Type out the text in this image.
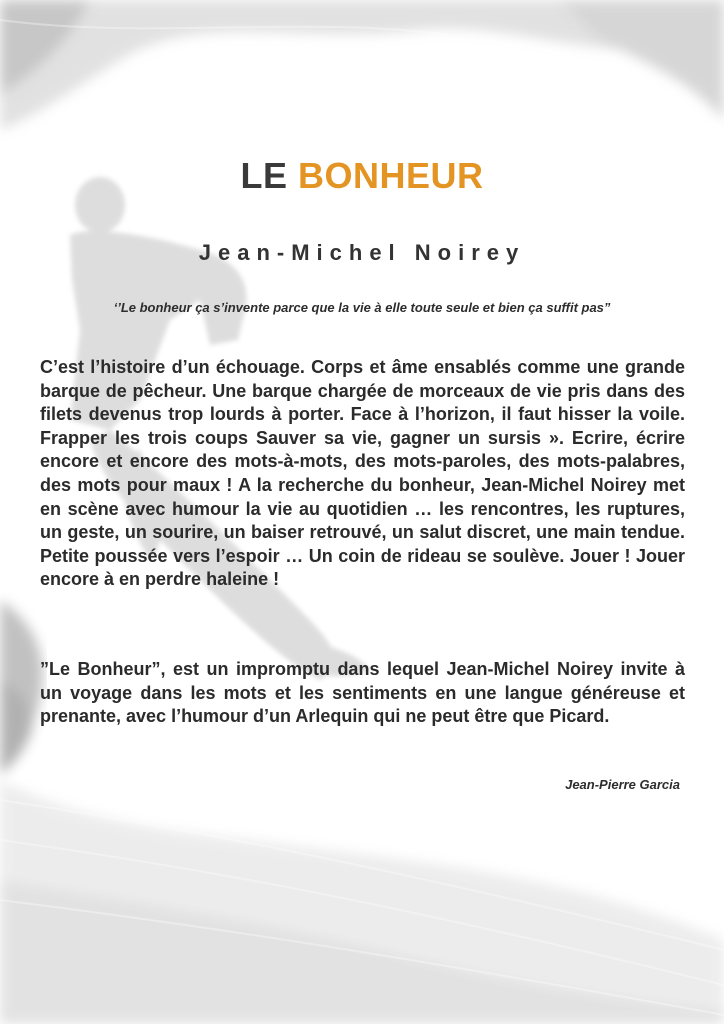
LE BONHEUR
Jean-Michel Noirey
‘’Le bonheur ça s’invente parce que la vie à elle toute seule et bien ça suffit pas”
C’est l’histoire d’un échouage. Corps et âme ensablés comme une grande barque de pêcheur. Une barque chargée de morceaux de vie pris dans des filets devenus trop lourds à porter. Face à l’horizon, il faut hisser la voile. Frapper les trois coups Sauver sa vie, gagner un sursis ». Ecrire, écrire encore et encore des mots-à-mots, des mots-paroles, des mots-palabres, des mots pour maux ! A la recherche du bonheur, Jean-Michel Noirey met en scène avec humour la vie au quotidien … les rencontres, les ruptures, un geste, un sourire, un baiser retrouvé, un salut discret, une main tendue. Petite poussée vers l’espoir … Un coin de rideau se soulève. Jouer ! Jouer encore à en perdre haleine !
”Le Bonheur”, est un impromptu dans lequel Jean-Michel Noirey invite à un voyage dans les mots et les sentiments en une langue généreuse et prenante, avec l’humour d’un Arlequin qui ne peut être que Picard.
Jean-Pierre Garcia
